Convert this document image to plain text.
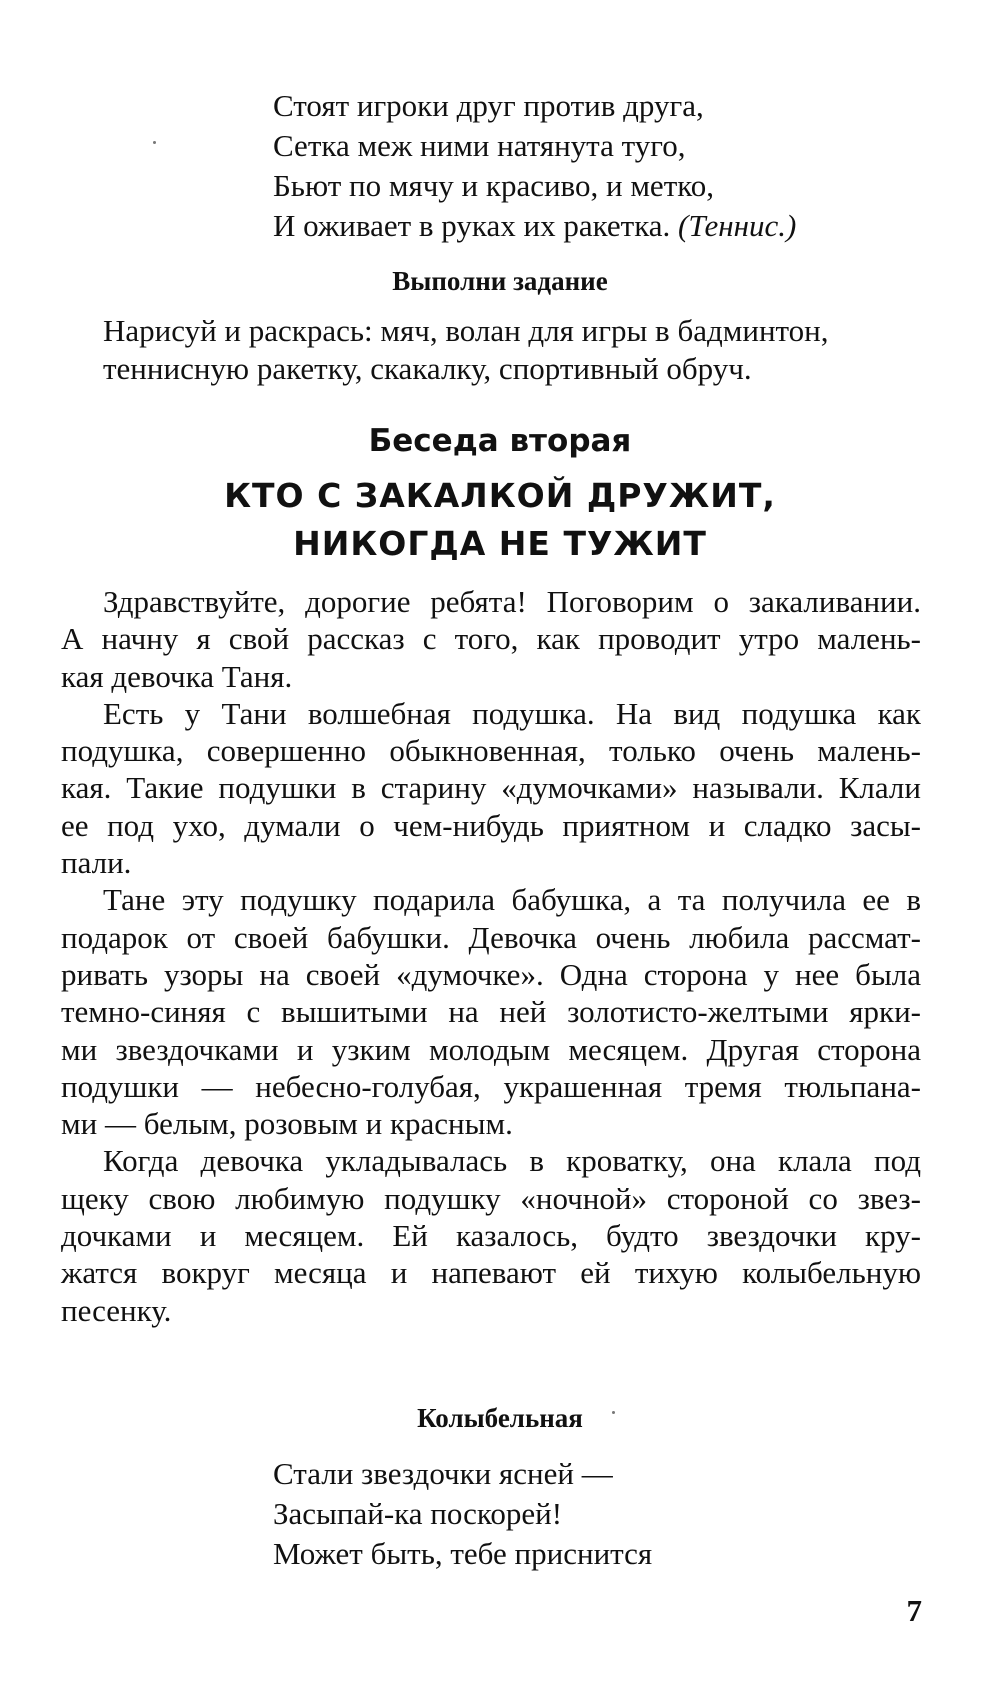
Стоят игроки друг против друга,
Сетка меж ними натянута туго,
Бьют по мячу и красиво, и метко,
И оживает в руках их ракетка. (Теннис.)
Выполни задание
Нарисуй и раскрась: мяч, волан для игры в бадминтон,
теннисную ракетку, скакалку, спортивный обруч.
Беседа вторая
КТО С ЗАКАЛКОЙ ДРУЖИТ,
НИКОГДА НЕ ТУЖИТ
Здравствуйте, дорогие ребята! Поговорим о закаливании.
А начну я свой рассказ с того, как проводит утро малень-
кая девочка Таня.
Есть у Тани волшебная подушка. На вид подушка как
подушка, совершенно обыкновенная, только очень малень-
кая. Такие подушки в старину «думочками» называли. Клали
ее под ухо, думали о чем-нибудь приятном и сладко засы-
пали.
Тане эту подушку подарила бабушка, а та получила ее в
подарок от своей бабушки. Девочка очень любила рассмат-
ривать узоры на своей «думочке». Одна сторона у нее была
темно-синяя с вышитыми на ней золотисто-желтыми ярки-
ми звездочками и узким молодым месяцем. Другая сторона
подушки — небесно-голубая, украшенная тремя тюльпана-
ми — белым, розовым и красным.
Когда девочка укладывалась в кроватку, она клала под
щеку свою любимую подушку «ночной» стороной со звез-
дочками и месяцем. Ей казалось, будто звездочки кру-
жатся вокруг месяца и напевают ей тихую колыбельную
песенку.
Колыбельная
Стали звездочки ясней —
Засыпай-ка поскорей!
Может быть, тебе приснится
7
